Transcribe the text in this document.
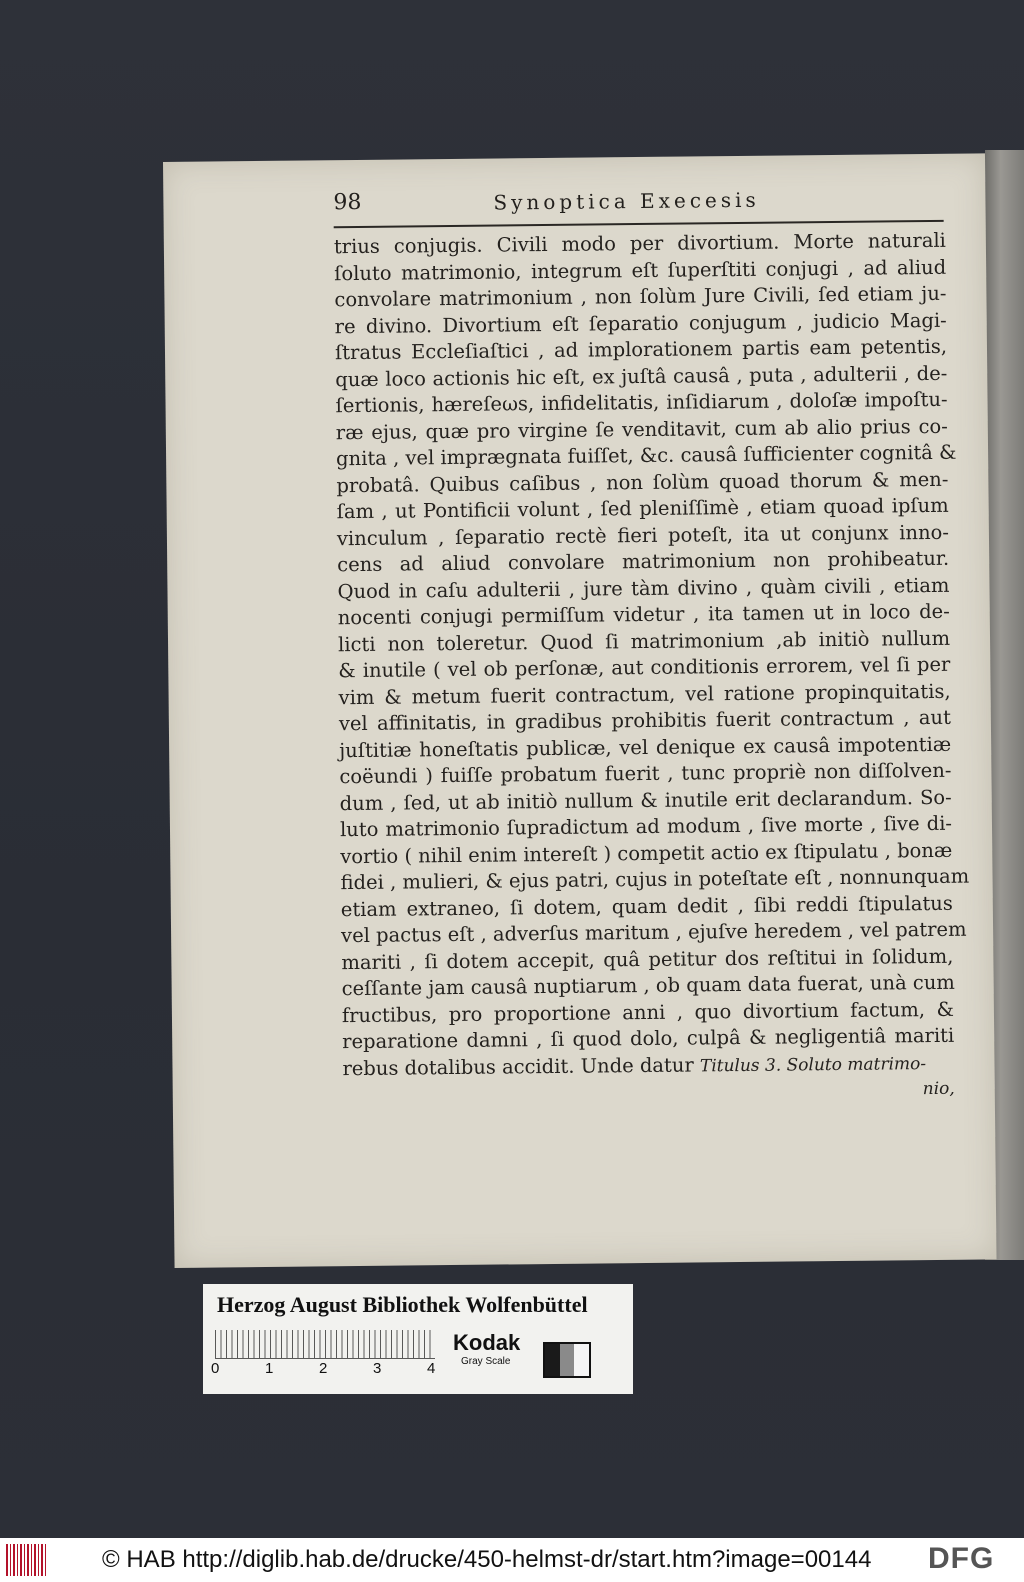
98	Synoptica Execesis
trius conjugis. Civili modo per divortium. Morte naturali
ſoluto matrimonio, integrum eſt ſuperſtiti conjugi , ad aliud
convolare matrimonium , non ſolùm Jure Civili, ſed etiam ju-
re divino. Divortium eſt ſeparatio conjugum , judicio Magi-
ſtratus Eccleſiaſtici , ad implorationem partis eam petentis,
quæ loco actionis hic eſt, ex juſtâ causâ , puta , adulterii , de-
ſertionis, hæreſeωs, infidelitatis, inſidiarum , doloſæ impoſtu-
ræ ejus, quæ pro virgine ſe venditavit, cum ab alio prius co-
gnita , vel imprægnata fuiſſet, &c. causâ ſufficienter cognitâ &
probatâ. Quibus caſibus , non ſolùm quoad thorum & men-
ſam , ut Pontificii volunt , ſed pleniſſimè , etiam quoad ipſum
vinculum , ſeparatio rectè fieri poteſt, ita ut conjunx inno-
cens ad aliud convolare matrimonium non prohibeatur.
Quod in caſu adulterii , jure tàm divino , quàm civili , etiam
nocenti conjugi permiſſum videtur , ita tamen ut in loco de-
licti non toleretur. Quod ſi matrimonium ,ab initiò nullum
& inutile ( vel ob perſonæ, aut conditionis errorem, vel ſi per
vim & metum fuerit contractum, vel ratione propinquitatis,
vel affinitatis, in gradibus prohibitis fuerit contractum , aut
juſtitiæ honeſtatis publicæ, vel denique ex causâ impotentiæ
coëundi ) fuiſſe probatum fuerit , tunc propriè non diſſolven-
dum , ſed, ut ab initiò nullum & inutile erit declarandum. So-
luto matrimonio ſupradictum ad modum , ſive morte , ſive di-
vortio ( nihil enim intereſt ) competit actio ex ſtipulatu , bonæ
fidei , mulieri, & ejus patri, cujus in poteſtate eſt , nonnunquam
etiam extraneo, ſi dotem, quam dedit , ſibi reddi ſtipulatus
vel pactus eſt , adverſus maritum , ejuſve heredem , vel patrem
mariti , ſi dotem accepit, quâ petitur dos reſtitui in ſolidum,
ceſſante jam causâ nuptiarum , ob quam data fuerat, unà cum
fructibus, pro proportione anni , quo divortium factum, &
reparatione damni , ſi quod dolo, culpâ & negligentiâ mariti
rebus dotalibus accidit. Unde datur Titulus 3. Soluto matrimo-
nio,
Herzog August Bibliothek Wolfenbüttel
0	1	2	3	4
Kodak
Gray Scale
© HAB http://diglib.hab.de/drucke/450-helmst-dr/start.htm?image=00144 DFG
